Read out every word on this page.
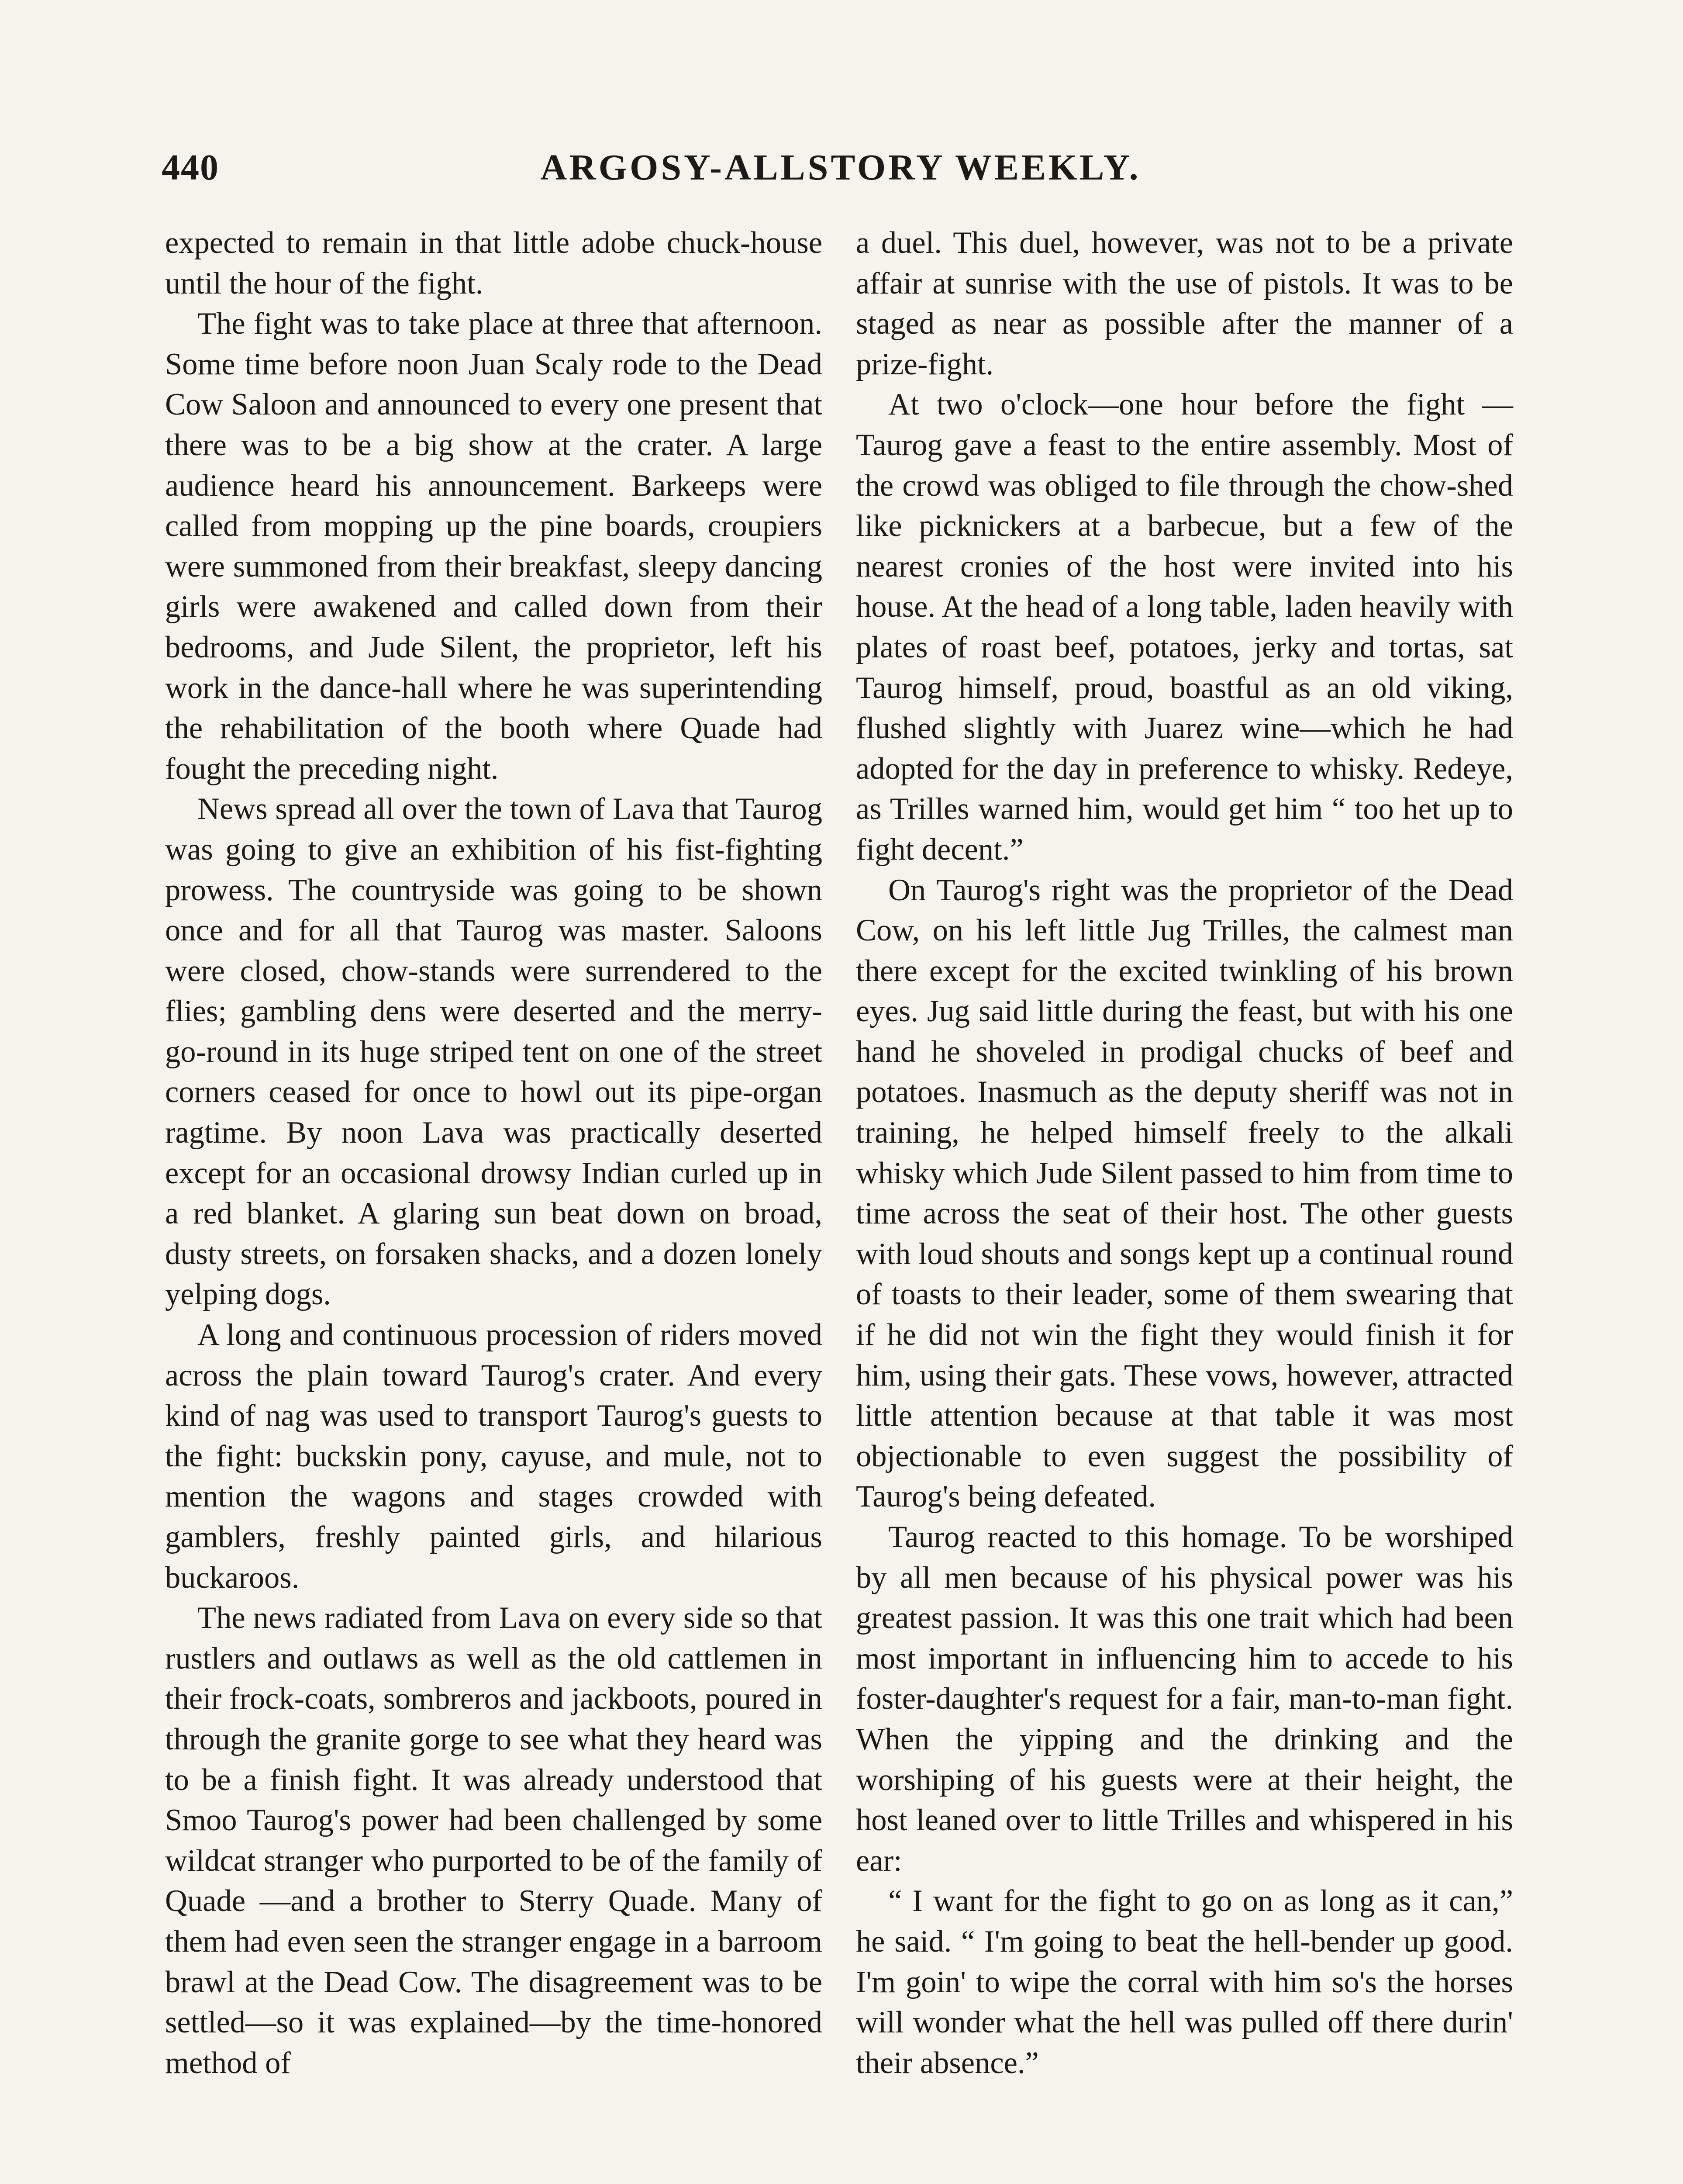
440	ARGOSY-ALLSTORY WEEKLY.

expected to remain in that little adobe chuck-house until the hour of the fight.

The fight was to take place at three that afternoon. Some time before noon Juan Scaly rode to the Dead Cow Saloon and announced to every one present that there was to be a big show at the crater. A large audience heard his announcement. Barkeeps were called from mopping up the pine boards, croupiers were summoned from their breakfast, sleepy dancing girls were awakened and called down from their bedrooms, and Jude Silent, the proprietor, left his work in the dance-hall where he was superintending the rehabilitation of the booth where Quade had fought the preceding night.

News spread all over the town of Lava that Taurog was going to give an exhibition of his fist-fighting prowess. The countryside was going to be shown once and for all that Taurog was master. Saloons were closed, chow-stands were surrendered to the flies; gambling dens were deserted and the merry-go-round in its huge striped tent on one of the street corners ceased for once to howl out its pipe-organ ragtime. By noon Lava was practically deserted except for an occasional drowsy Indian curled up in a red blanket. A glaring sun beat down on broad, dusty streets, on forsaken shacks, and a dozen lonely yelping dogs.

A long and continuous procession of riders moved across the plain toward Taurog's crater. And every kind of nag was used to transport Taurog's guests to the fight: buckskin pony, cayuse, and mule, not to mention the wagons and stages crowded with gamblers, freshly painted girls, and hilarious buckaroos.

The news radiated from Lava on every side so that rustlers and outlaws as well as the old cattlemen in their frock-coats, sombreros and jackboots, poured in through the granite gorge to see what they heard was to be a finish fight. It was already understood that Smoo Taurog's power had been challenged by some wildcat stranger who purported to be of the family of Quade —and a brother to Sterry Quade. Many of them had even seen the stranger engage in a barroom brawl at the Dead Cow. The disagreement was to be settled—so it was explained—by the time-honored method of

a duel. This duel, however, was not to be a private affair at sunrise with the use of pistols. It was to be staged as near as possible after the manner of a prize-fight.

At two o'clock—one hour before the fight —Taurog gave a feast to the entire assembly. Most of the crowd was obliged to file through the chow-shed like picknickers at a barbecue, but a few of the nearest cronies of the host were invited into his house. At the head of a long table, laden heavily with plates of roast beef, potatoes, jerky and tortas, sat Taurog himself, proud, boastful as an old viking, flushed slightly with Juarez wine—which he had adopted for the day in preference to whisky. Redeye, as Trilles warned him, would get him “ too het up to fight decent.”

On Taurog's right was the proprietor of the Dead Cow, on his left little Jug Trilles, the calmest man there except for the excited twinkling of his brown eyes. Jug said little during the feast, but with his one hand he shoveled in prodigal chucks of beef and potatoes. Inasmuch as the deputy sheriff was not in training, he helped himself freely to the alkali whisky which Jude Silent passed to him from time to time across the seat of their host. The other guests with loud shouts and songs kept up a continual round of toasts to their leader, some of them swearing that if he did not win the fight they would finish it for him, using their gats. These vows, however, attracted little attention because at that table it was most objectionable to even suggest the possibility of Taurog's being defeated.

Taurog reacted to this homage. To be worshiped by all men because of his physical power was his greatest passion. It was this one trait which had been most important in influencing him to accede to his foster-daughter's request for a fair, man-to-man fight. When the yipping and the drinking and the worshiping of his guests were at their height, the host leaned over to little Trilles and whispered in his ear:

“ I want for the fight to go on as long as it can,” he said. “ I'm going to beat the hell-bender up good. I'm goin' to wipe the corral with him so's the horses will wonder what the hell was pulled off there durin' their absence.”
